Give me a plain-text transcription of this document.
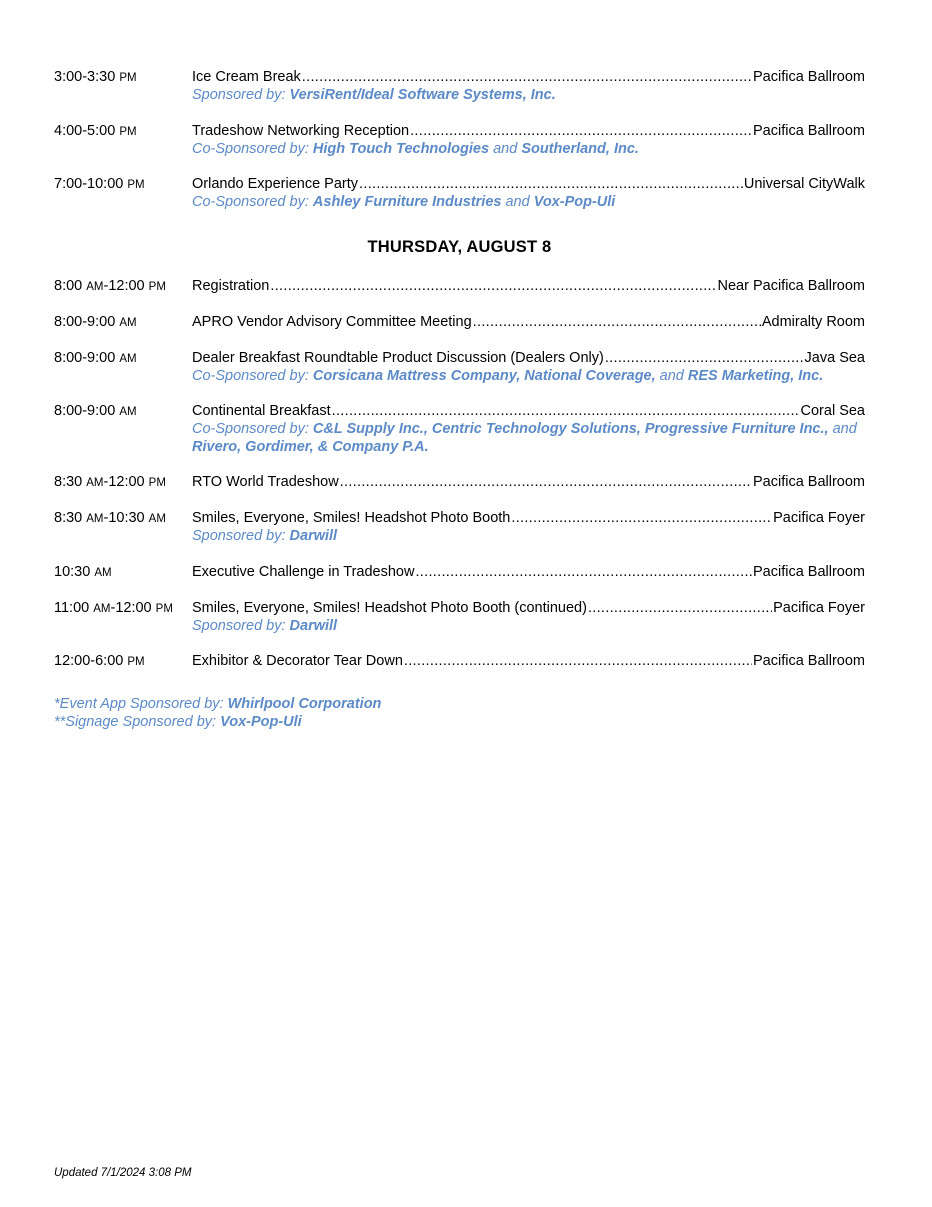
3:00-3:30 PM	Ice Cream Break .....	Pacifica Ballroom
Sponsored by: VersiRent/Ideal Software Systems, Inc.
4:00-5:00 PM	Tradeshow Networking Reception .....	Pacifica Ballroom
Co-Sponsored by: High Touch Technologies and Southerland, Inc.
7:00-10:00 PM	Orlando Experience Party .....	Universal CityWalk
Co-Sponsored by: Ashley Furniture Industries and Vox-Pop-Uli
THURSDAY, AUGUST 8
8:00 AM-12:00 PM	Registration .....	Near Pacifica Ballroom
8:00-9:00 AM	APRO Vendor Advisory Committee Meeting .....	Admiralty Room
8:00-9:00 AM	Dealer Breakfast Roundtable Product Discussion (Dealers Only) .....	Java Sea
Co-Sponsored by: Corsicana Mattress Company, National Coverage, and RES Marketing, Inc.
8:00-9:00 AM	Continental Breakfast .....	Coral Sea
Co-Sponsored by: C&L Supply Inc., Centric Technology Solutions, Progressive Furniture Inc., and Rivero, Gordimer, & Company P.A.
8:30 AM-12:00 PM	RTO World Tradeshow .....	Pacifica Ballroom
8:30 AM-10:30 AM	Smiles, Everyone, Smiles! Headshot Photo Booth .....	Pacifica Foyer
Sponsored by: Darwill
10:30 AM	Executive Challenge in Tradeshow .....	Pacifica Ballroom
11:00 AM-12:00 PM	Smiles, Everyone, Smiles! Headshot Photo Booth (continued) .....	Pacifica Foyer
Sponsored by: Darwill
12:00-6:00 PM	Exhibitor & Decorator Tear Down .....	Pacifica Ballroom
*Event App Sponsored by: Whirlpool Corporation
**Signage Sponsored by: Vox-Pop-Uli
Updated 7/1/2024 3:08 PM
